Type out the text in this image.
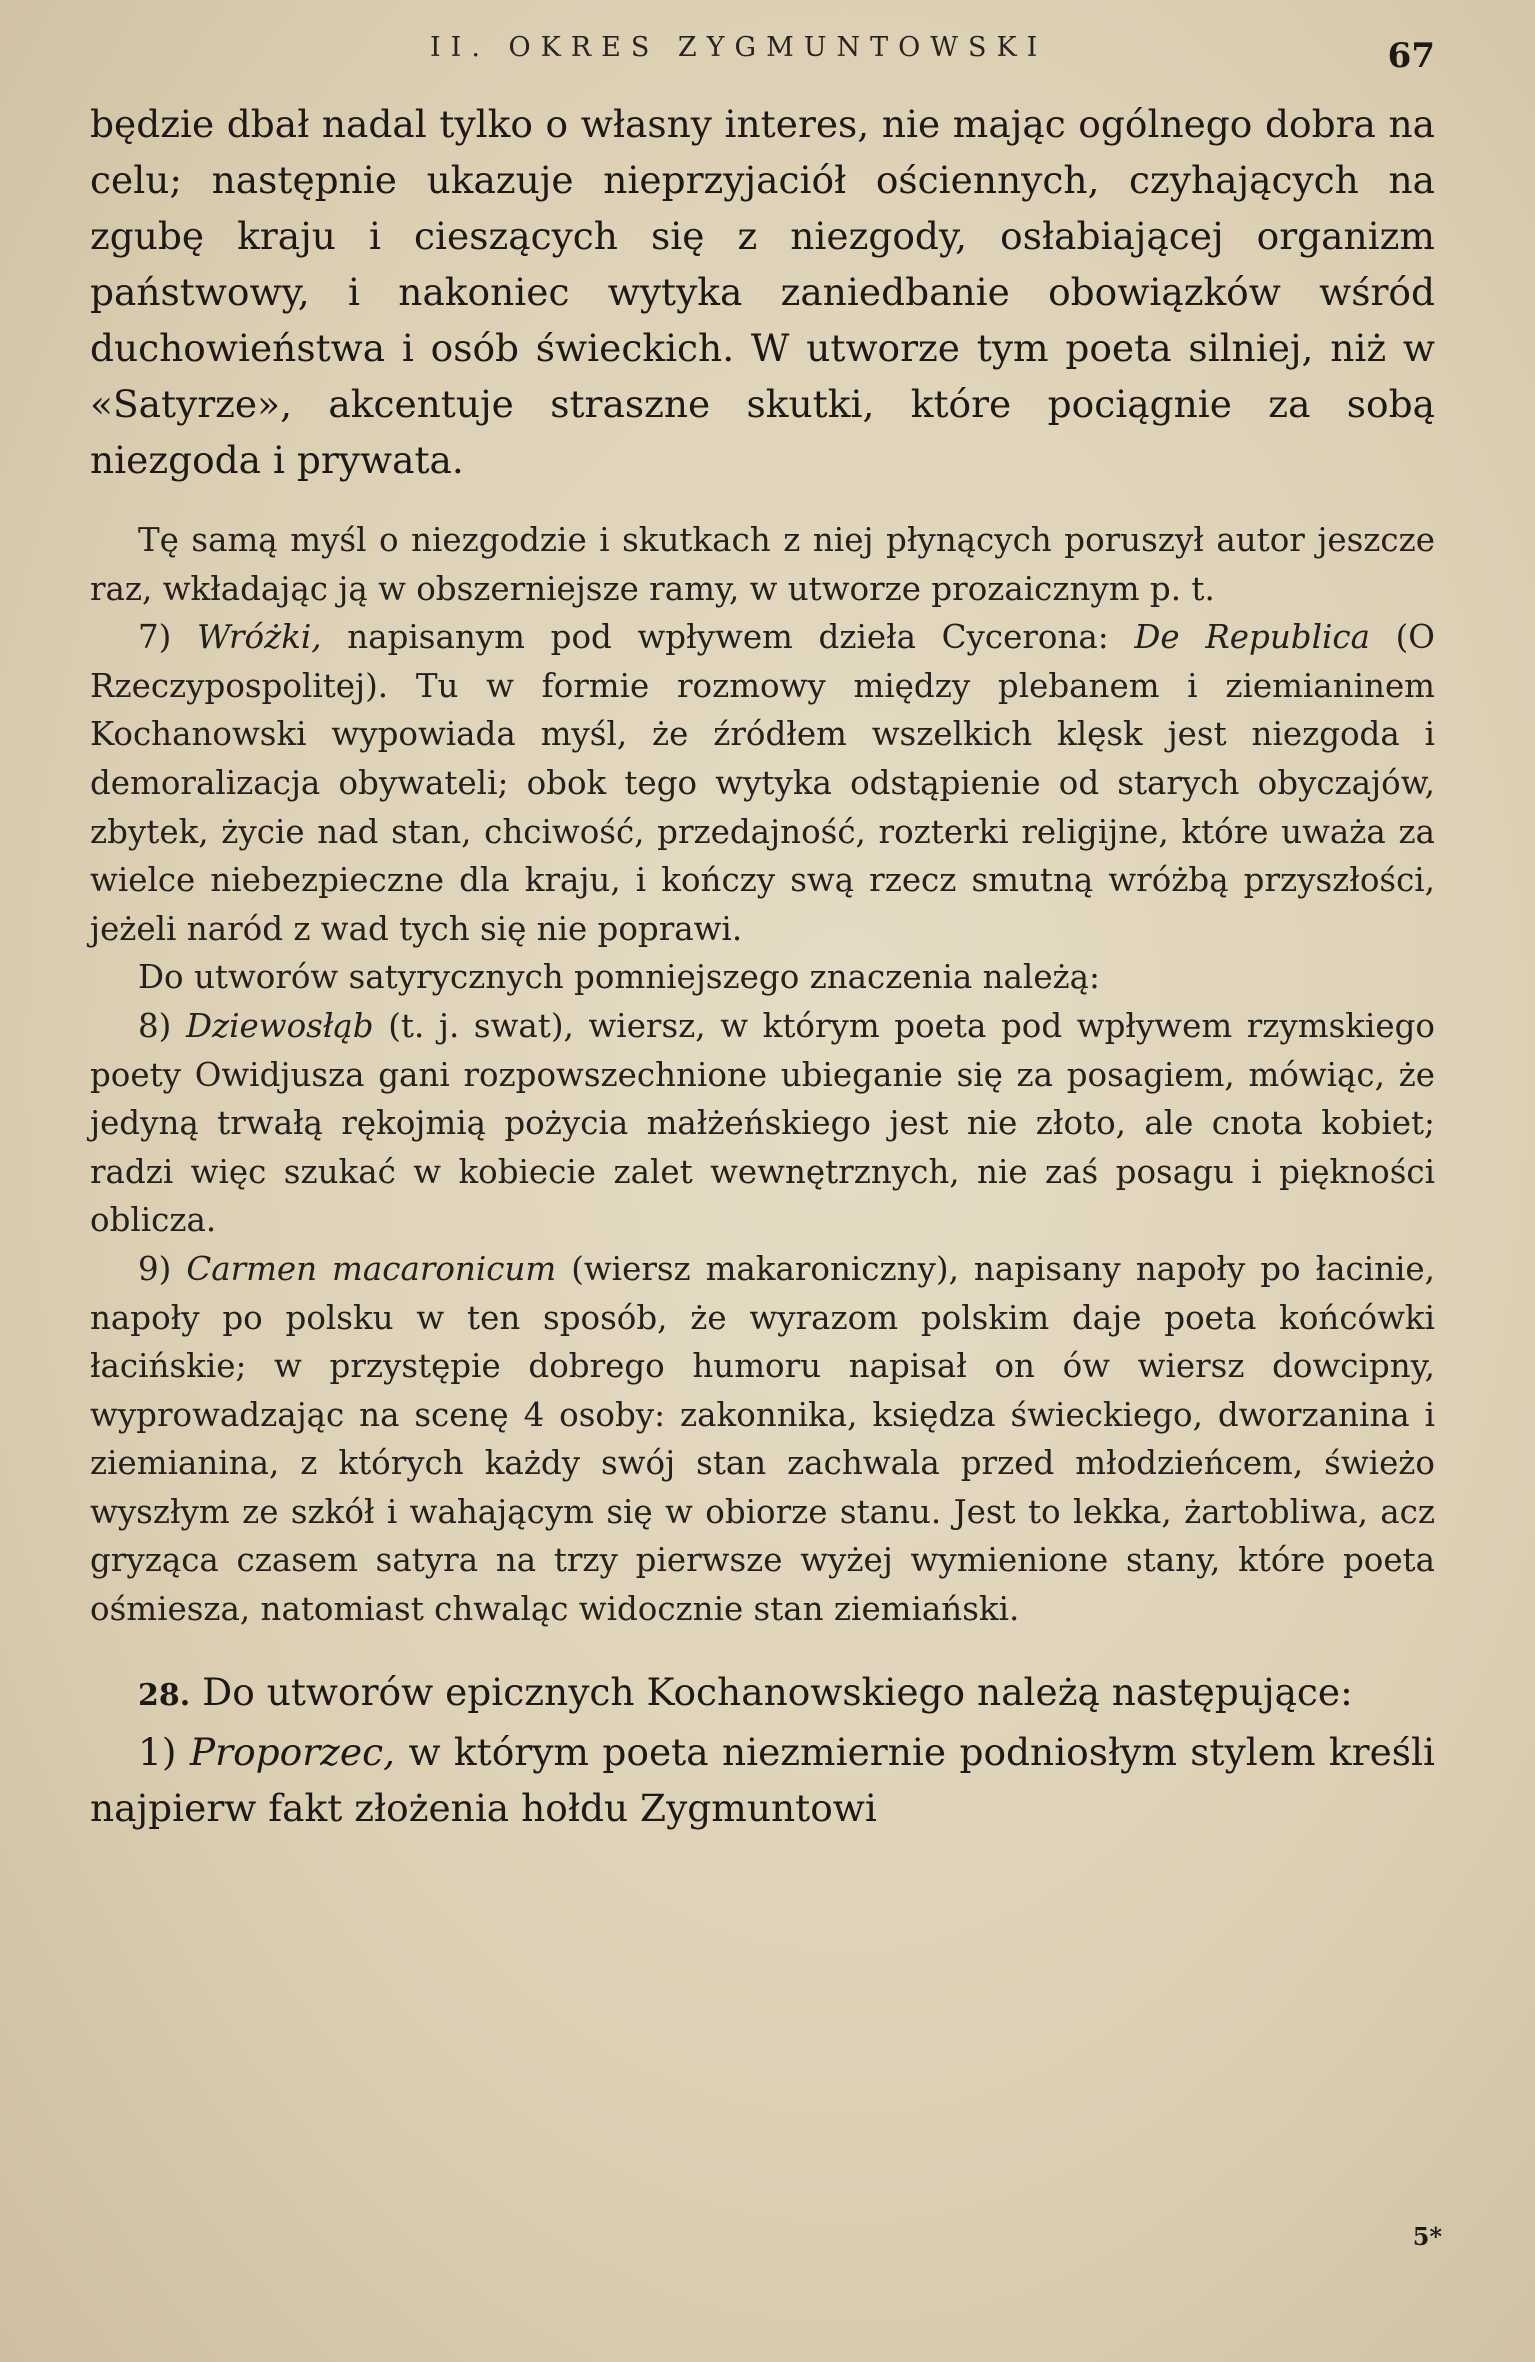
II. OKRES ZYGMUNTOWSKI	67

będzie dbał nadal tylko o własny interes, nie mając ogólnego dobra na celu; następnie ukazuje nieprzyjaciół ościennych, czyhających na zgubę kraju i cieszących się z niezgody, osłabiającej organizm państwowy, i nakoniec wytyka zaniedbanie obowiązków wśród duchowieństwa i osób świeckich. W utworze tym poeta silniej, niż w «Satyrze», akcentuje straszne skutki, które pociągnie za sobą niezgoda i prywata.

Tę samą myśl o niezgodzie i skutkach z niej płynących poruszył autor jeszcze raz, wkładając ją w obszerniejsze ramy, w utworze prozaicznym p. t.

7) Wróżki, napisanym pod wpływem dzieła Cycerona: De Republica (O Rzeczypospolitej). Tu w formie rozmowy między plebanem i ziemianinem Kochanowski wypowiada myśl, że źródłem wszelkich klęsk jest niezgoda i demoralizacja obywateli; obok tego wytyka odstąpienie od starych obyczajów, zbytek, życie nad stan, chciwość, przedajność, rozterki religijne, które uważa za wielce niebezpieczne dla kraju, i kończy swą rzecz smutną wróżbą przyszłości, jeżeli naród z wad tych się nie poprawi.

Do utworów satyrycznych pomniejszego znaczenia należą:

8) Dziewosłąb (t. j. swat), wiersz, w którym poeta pod wpływem rzymskiego poety Owidjusza gani rozpowszechnione ubieganie się za posagiem, mówiąc, że jedyną trwałą rękojmią pożycia małżeńskiego jest nie złoto, ale cnota kobiet; radzi więc szukać w kobiecie zalet wewnętrznych, nie zaś posagu i piękności oblicza.

9) Carmen macaronicum (wiersz makaroniczny), napisany napoły po łacinie, napoły po polsku w ten sposób, że wyrazom polskim daje poeta końcówki łacińskie; w przystępie dobrego humoru napisał on ów wiersz dowcipny, wyprowadzając na scenę 4 osoby: zakonnika, księdza świeckiego, dworzanina i ziemianina, z których każdy swój stan zachwala przed młodzieńcem, świeżo wyszłym ze szkół i wahającym się w obiorze stanu. Jest to lekka, żartobliwa, acz gryząca czasem satyra na trzy pierwsze wyżej wymienione stany, które poeta ośmiesza, natomiast chwaląc widocznie stan ziemiański.

28. Do utworów epicznych Kochanowskiego należą następujące:

1) Proporzec, w którym poeta niezmiernie podniosłym stylem kreśli najpierw fakt złożenia hołdu Zygmuntowi

5*
